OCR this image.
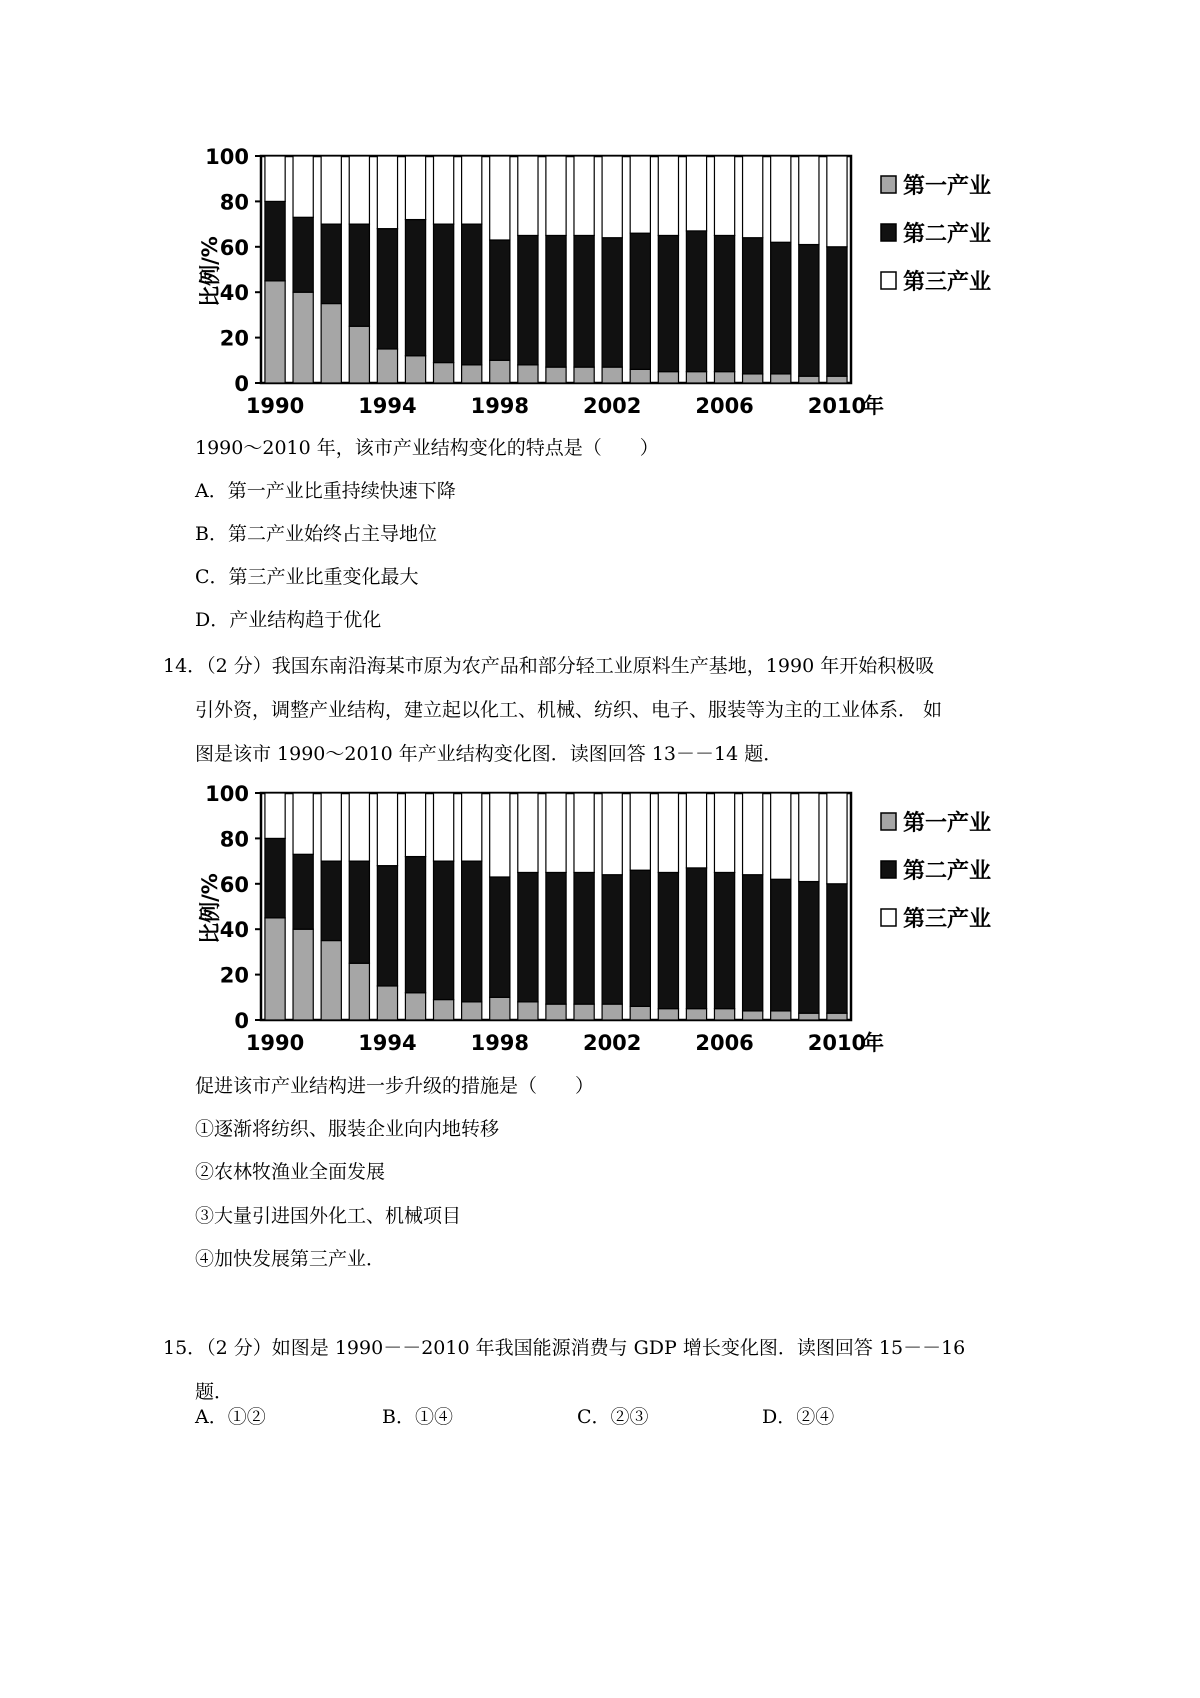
0
20
40
60
80
100
比例/%
1990	1994	1998	2002	2006	2010
年
第一产业
第二产业
第三产业
1990～2010 年，该市产业结构变化的特点是（　　）
A．第一产业比重持续快速下降
B．第二产业始终占主导地位
C．第三产业比重变化最大
D．产业结构趋于优化
14．（2 分）我国东南沿海某市原为农产品和部分轻工业原料生产基地，1990 年开始积极吸
引外资，调整产业结构，建立起以化工、机械、纺织、电子、服装等为主的工业体系． 如
图是该市 1990～2010 年产业结构变化图．读图回答 13－－14 题．
0
20
40
60
80
100
比例/%
1990	1994	1998	2002	2006	2010
年
第一产业
第二产业
第三产业
促进该市产业结构进一步升级的措施是（　　）
①逐渐将纺织、服装企业向内地转移
②农林牧渔业全面发展
③大量引进国外化工、机械项目
④加快发展第三产业．
A．①②	B．①④	C．②③	D．②④
15．（2 分）如图是 1990－－2010 年我国能源消费与 GDP 增长变化图．读图回答 15－－16
题．
